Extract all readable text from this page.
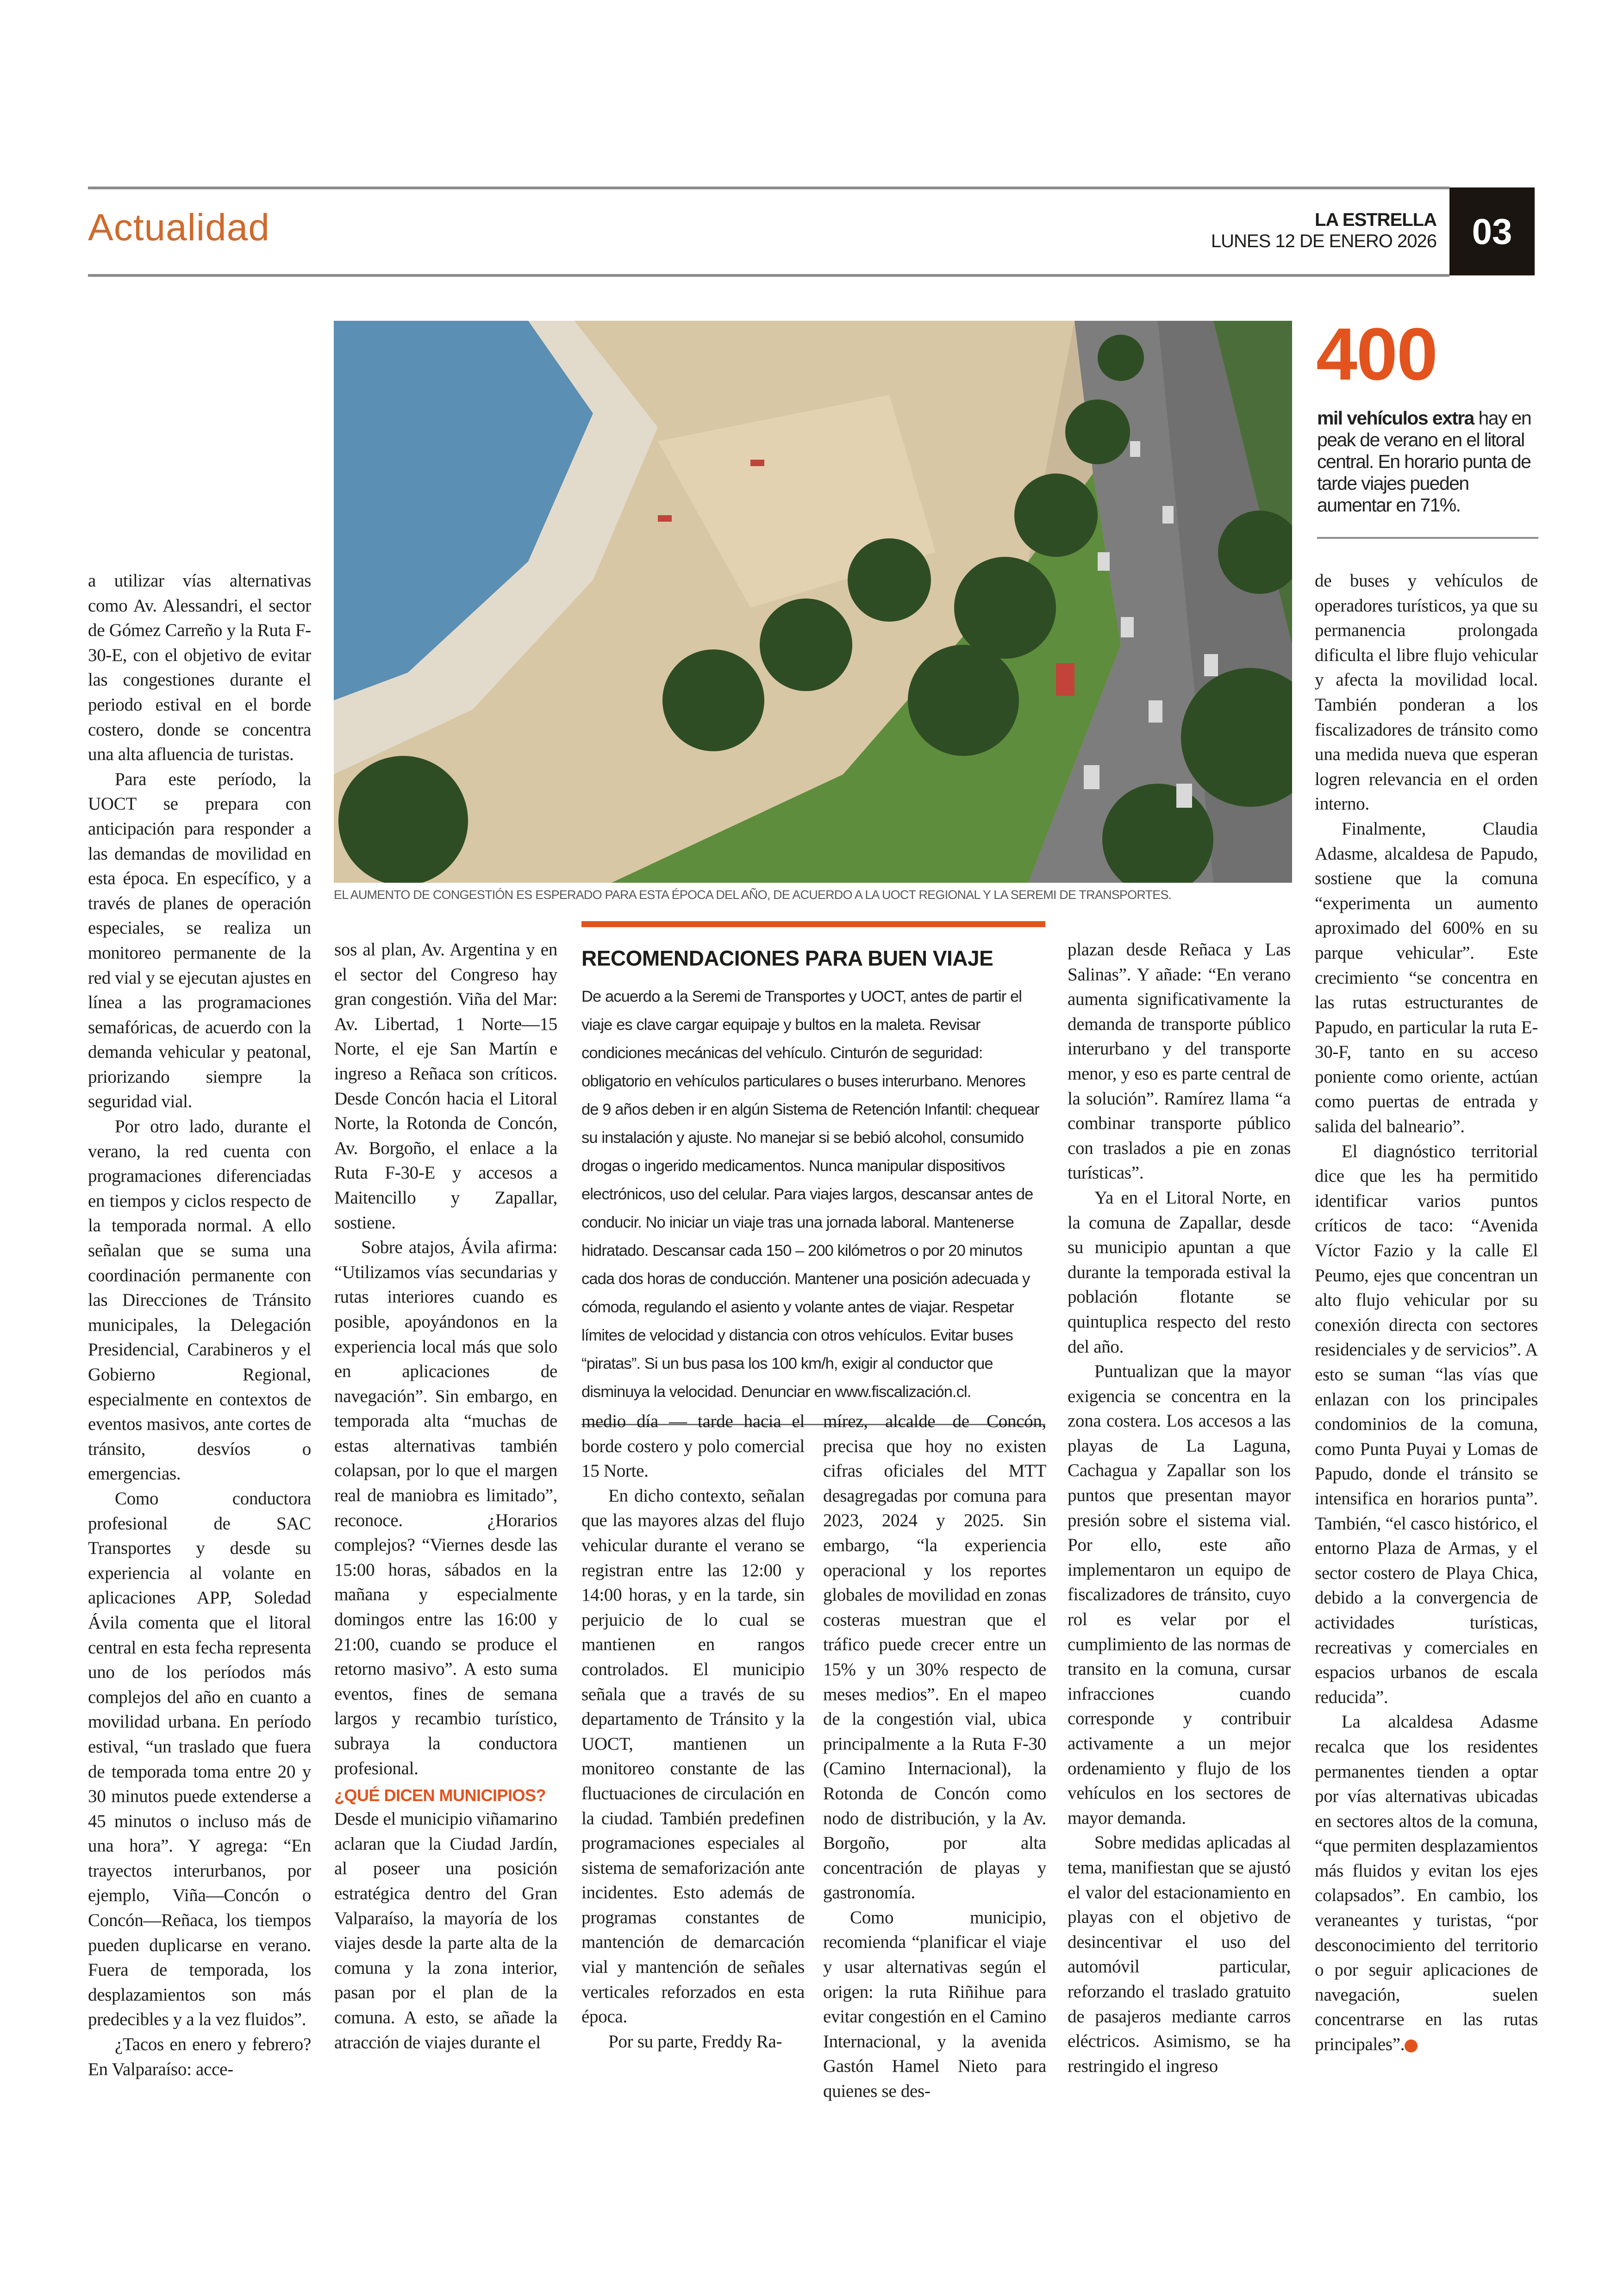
Actualidad	LA ESTRELLA
LUNES 12 DE ENERO 2026 03
EL AUMENTO DE CONGESTIÓN ES ESPERADO PARA ESTA ÉPOCA DEL AÑO, DE ACUERDO A LA UOCT REGIONAL Y LA SEREMI DE TRANSPORTES.
400
mil vehículos extra hay en peak de verano en el litoral central. En horario punta de tarde viajes pueden aumentar en 71%.

a utilizar vías alternativas como Av. Alessandri, el sector de Gómez Carreño y la Ruta F-30-E, con el objetivo de evitar las congestiones durante el periodo estival en el borde costero, donde se concentra una alta afluencia de turistas.

Para este período, la UOCT se prepara con anticipación para responder a las demandas de movilidad en esta época. En específico, y a través de planes de operación especiales, se realiza un monitoreo permanente de la red vial y se ejecutan ajustes en línea a las programaciones semafóricas, de acuerdo con la demanda vehicular y peatonal, priorizando siempre la seguridad vial.

Por otro lado, durante el verano, la red cuenta con programaciones diferenciadas en tiempos y ciclos respecto de la temporada normal. A ello señalan que se suma una coordinación permanente con las Direcciones de Tránsito municipales, la Delegación Presidencial, Carabineros y el Gobierno Regional, especialmente en contextos de eventos masivos, ante cortes de tránsito, desvíos o emergencias.

Como conductora profesional de SAC Transportes y desde su experiencia al volante en aplicaciones APP, Soledad Ávila comenta que el litoral central en esta fecha representa uno de los períodos más complejos del año en cuanto a movilidad urbana. En período estival, “un traslado que fuera de temporada toma entre 20 y 30 minutos puede extenderse a 45 minutos o incluso más de una hora”. Y agrega: “En trayectos interurbanos, por ejemplo, Viña—Concón o Concón—Reñaca, los tiempos pueden duplicarse en verano. Fuera de temporada, los desplazamientos son más predecibles y a la vez fluidos”.

¿Tacos en enero y febrero? En Valparaíso: acce-

sos al plan, Av. Argentina y en el sector del Congreso hay gran congestión. Viña del Mar: Av. Libertad, 1 Norte—15 Norte, el eje San Martín e ingreso a Reñaca son críticos. Desde Concón hacia el Litoral Norte, la Rotonda de Concón, Av. Borgoño, el enlace a la Ruta F-30-E y accesos a Maitencillo y Zapallar, sostiene.

Sobre atajos, Ávila afirma: “Utilizamos vías secundarias y rutas interiores cuando es posible, apoyándonos en la experiencia local más que solo en aplicaciones de navegación”. Sin embargo, en temporada alta “muchas de estas alternativas también colapsan, por lo que el margen real de maniobra es limitado”, reconoce. ¿Horarios complejos? “Viernes desde las 15:00 horas, sábados en la mañana y especialmente domingos entre las 16:00 y 21:00, cuando se produce el retorno masivo”. A esto suma eventos, fines de semana largos y recambio turístico, subraya la conductora profesional.

¿QUÉ DICEN MUNICIPIOS?

Desde el municipio viñamarino aclaran que la Ciudad Jardín, al poseer una posición estratégica dentro del Gran Valparaíso, la mayoría de los viajes desde la parte alta de la comuna y la zona interior, pasan por el plan de la comuna. A esto, se añade la atracción de viajes durante el

RECOMENDACIONES PARA BUEN VIAJE
De acuerdo a la Seremi de Transportes y UOCT, antes de partir el viaje es clave cargar equipaje y bultos en la maleta. Revisar condiciones mecánicas del vehículo. Cinturón de seguridad: obligatorio en vehículos particulares o buses interurbano. Menores de 9 años deben ir en algún Sistema de Retención Infantil: chequear su instalación y ajuste. No manejar si se bebió alcohol, consumido drogas o ingerido medicamentos. Nunca manipular dispositivos electrónicos, uso del celular. Para viajes largos, descansar antes de conducir. No iniciar un viaje tras una jornada laboral. Mantenerse hidratado. Descansar cada 150 – 200 kilómetros o por 20 minutos cada dos horas de conducción. Mantener una posición adecuada y cómoda, regulando el asiento y volante antes de viajar. Respetar límites de velocidad y distancia con otros vehículos. Evitar buses “piratas”. Si un bus pasa los 100 km/h, exigir al conductor que disminuya la velocidad. Denunciar en www.fiscalización.cl.

medio día — tarde hacia el borde costero y polo comercial 15 Norte.

En dicho contexto, señalan que las mayores alzas del flujo vehicular durante el verano se registran entre las 12:00 y 14:00 horas, y en la tarde, sin perjuicio de lo cual se mantienen en rangos controlados. El municipio señala que a través de su departamento de Tránsito y la UOCT, mantienen un monitoreo constante de las fluctuaciones de circulación en la ciudad. También predefinen programaciones especiales al sistema de semaforización ante incidentes. Esto además de programas constantes de mantención de demarcación vial y mantención de señales verticales reforzados en esta época.

Por su parte, Freddy Ra-

mírez, alcalde de Concón, precisa que hoy no existen cifras oficiales del MTT desagregadas por comuna para 2023, 2024 y 2025. Sin embargo, “la experiencia operacional y los reportes globales de movilidad en zonas costeras muestran que el tráfico puede crecer entre un 15% y un 30% respecto de meses medios”. En el mapeo de la congestión vial, ubica principalmente a la Ruta F-30 (Camino Internacional), la Rotonda de Concón como nodo de distribución, y la Av. Borgoño, por alta concentración de playas y gastronomía.

Como municipio, recomienda “planificar el viaje y usar alternativas según el origen: la ruta Riñihue para evitar congestión en el Camino Internacional, y la avenida Gastón Hamel Nieto para quienes se des-

plazan desde Reñaca y Las Salinas”. Y añade: “En verano aumenta significativamente la demanda de transporte público interurbano y del transporte menor, y eso es parte central de la solución”. Ramírez llama “a combinar transporte público con traslados a pie en zonas turísticas”.

Ya en el Litoral Norte, en la comuna de Zapallar, desde su municipio apuntan a que durante la temporada estival la población flotante se quintuplica respecto del resto del año.

Puntualizan que la mayor exigencia se concentra en la zona costera. Los accesos a las playas de La Laguna, Cachagua y Zapallar son los puntos que presentan mayor presión sobre el sistema vial. Por ello, este año implementaron un equipo de fiscalizadores de tránsito, cuyo rol es velar por el cumplimiento de las normas de transito en la comuna, cursar infracciones cuando corresponde y contribuir activamente a un mejor ordenamiento y flujo de los vehículos en los sectores de mayor demanda.

Sobre medidas aplicadas al tema, manifiestan que se ajustó el valor del estacionamiento en playas con el objetivo de desincentivar el uso del automóvil particular, reforzando el traslado gratuito de pasajeros mediante carros eléctricos. Asimismo, se ha restringido el ingreso

de buses y vehículos de operadores turísticos, ya que su permanencia prolongada dificulta el libre flujo vehicular y afecta la movilidad local. También ponderan a los fiscalizadores de tránsito como una medida nueva que esperan logren relevancia en el orden interno.

Finalmente, Claudia Adasme, alcaldesa de Papudo, sostiene que la comuna “experimenta un aumento aproximado del 600% en su parque vehicular”. Este crecimiento “se concentra en las rutas estructurantes de Papudo, en particular la ruta E-30-F, tanto en su acceso poniente como oriente, actúan como puertas de entrada y salida del balneario”.

El diagnóstico territorial dice que les ha permitido identificar varios puntos críticos de taco: “Avenida Víctor Fazio y la calle El Peumo, ejes que concentran un alto flujo vehicular por su conexión directa con sectores residenciales y de servicios”. A esto se suman “las vías que enlazan con los principales condominios de la comuna, como Punta Puyai y Lomas de Papudo, donde el tránsito se intensifica en horarios punta”. También, “el casco histórico, el entorno Plaza de Armas, y el sector costero de Playa Chica, debido a la convergencia de actividades turísticas, recreativas y comerciales en espacios urbanos de escala reducida”.

La alcaldesa Adasme recalca que los residentes permanentes tienden a optar por vías alternativas ubicadas en sectores altos de la comuna, “que permiten desplazamientos más fluidos y evitan los ejes colapsados”. En cambio, los veraneantes y turistas, “por desconocimiento del territorio o por seguir aplicaciones de navegación, suelen concentrarse en las rutas principales”.	✦
